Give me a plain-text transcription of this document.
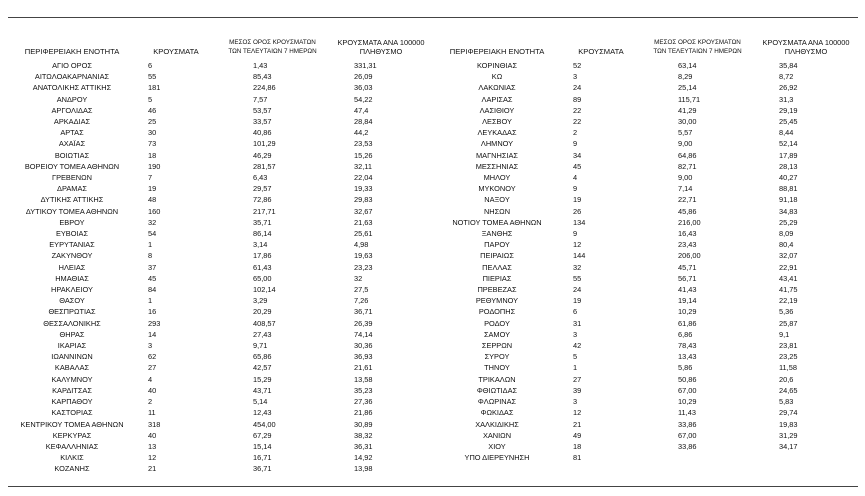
ΠΕΡΙΦΕΡΕΙΑΚΗ ΕΝΟΤΗΤΑ	ΚΡΟΥΣΜΑΤΑ
ΜΕΣΟΣ ΟΡΟΣ ΚΡΟΥΣΜΑΤΩΝ
ΤΩΝ ΤΕΛΕΥΤΑΙΩΝ 7 ΗΜΕΡΩΝ
ΚΡΟΥΣΜΑΤΑ ΑΝΑ 100000
ΠΛΗΘΥΣΜΟ
ΑΓΙΟ ΟΡΟΣ	6	1,43	331,31
ΑΙΤΩΛΟΑΚΑΡΝΑΝΙΑΣ	55	85,43	26,09
ΑΝΑΤΟΛΙΚΗΣ ΑΤΤΙΚΗΣ	181	224,86	36,03
ΑΝΔΡΟΥ	5	7,57	54,22
ΑΡΓΟΛΙΔΑΣ	46	53,57	47,4
ΑΡΚΑΔΙΑΣ	25	33,57	28,84
ΑΡΤΑΣ	30	40,86	44,2
ΑΧΑΪΑΣ	73	101,29	23,53
ΒΟΙΩΤΙΑΣ	18	46,29	15,26
ΒΟΡΕΙΟΥ ΤΟΜΕΑ ΑΘΗΝΩΝ	190	281,57	32,11
ΓΡΕΒΕΝΩΝ	7	6,43	22,04
ΔΡΑΜΑΣ	19	29,57	19,33
ΔΥΤΙΚΗΣ ΑΤΤΙΚΗΣ	48	72,86	29,83
ΔΥΤΙΚΟΥ ΤΟΜΕΑ ΑΘΗΝΩΝ	160	217,71	32,67
ΕΒΡΟΥ	32	35,71	21,63
ΕΥΒΟΙΑΣ	54	86,14	25,61
ΕΥΡΥΤΑΝΙΑΣ	1	3,14	4,98
ΖΑΚΥΝΘΟΥ	8	17,86	19,63
ΗΛΕΙΑΣ	37	61,43	23,23
ΗΜΑΘΙΑΣ	45	65,00	32
ΗΡΑΚΛΕΙΟΥ	84	102,14	27,5
ΘΑΣΟΥ	1	3,29	7,26
ΘΕΣΠΡΩΤΙΑΣ	16	20,29	36,71
ΘΕΣΣΑΛΟΝΙΚΗΣ	293	408,57	26,39
ΘΗΡΑΣ	14	27,43	74,14
ΙΚΑΡΙΑΣ	3	9,71	30,36
ΙΩΑΝΝΙΝΩΝ	62	65,86	36,93
ΚΑΒΑΛΑΣ	27	42,57	21,61
ΚΑΛΥΜΝΟΥ	4	15,29	13,58
ΚΑΡΔΙΤΣΑΣ	40	43,71	35,23
ΚΑΡΠΑΘΟΥ	2	5,14	27,36
ΚΑΣΤΟΡΙΑΣ	11	12,43	21,86
ΚΕΝΤΡΙΚΟΥ ΤΟΜΕΑ ΑΘΗΝΩΝ	318	454,00	30,89
ΚΕΡΚΥΡΑΣ	40	67,29	38,32
ΚΕΦΑΛΛΗΝΙΑΣ	13	15,14	36,31
ΚΙΛΚΙΣ	12	16,71	14,92
ΚΟΖΑΝΗΣ	21	36,71	13,98
ΠΕΡΙΦΕΡΕΙΑΚΗ ΕΝΟΤΗΤΑ	ΚΡΟΥΣΜΑΤΑ
ΜΕΣΟΣ ΟΡΟΣ ΚΡΟΥΣΜΑΤΩΝ
ΤΩΝ ΤΕΛΕΥΤΑΙΩΝ 7 ΗΜΕΡΩΝ
ΚΡΟΥΣΜΑΤΑ ΑΝΑ 100000
ΠΛΗΘΥΣΜΟ
ΚΟΡΙΝΘΙΑΣ	52	63,14	35,84
ΚΩ	3	8,29	8,72
ΛΑΚΩΝΙΑΣ	24	25,14	26,92
ΛΑΡΙΣΑΣ	89	115,71	31,3
ΛΑΣΙΘΙΟΥ	22	41,29	29,19
ΛΕΣΒΟΥ	22	30,00	25,45
ΛΕΥΚΑΔΑΣ	2	5,57	8,44
ΛΗΜΝΟΥ	9	9,00	52,14
ΜΑΓΝΗΣΙΑΣ	34	64,86	17,89
ΜΕΣΣΗΝΙΑΣ	45	82,71	28,13
ΜΗΛΟΥ	4	9,00	40,27
ΜΥΚΟΝΟΥ	9	7,14	88,81
ΝΑΞΟΥ	19	22,71	91,18
ΝΗΣΩΝ	26	45,86	34,83
ΝΟΤΙΟΥ ΤΟΜΕΑ ΑΘΗΝΩΝ	134	216,00	25,29
ΞΑΝΘΗΣ	9	16,43	8,09
ΠΑΡΟΥ	12	23,43	80,4
ΠΕΙΡΑΙΩΣ	144	206,00	32,07
ΠΕΛΛΑΣ	32	45,71	22,91
ΠΙΕΡΙΑΣ	55	56,71	43,41
ΠΡΕΒΕΖΑΣ	24	41,43	41,75
ΡΕΘΥΜΝΟΥ	19	19,14	22,19
ΡΟΔΟΠΗΣ	6	10,29	5,36
ΡΟΔΟΥ	31	61,86	25,87
ΣΑΜΟΥ	3	6,86	9,1
ΣΕΡΡΩΝ	42	78,43	23,81
ΣΥΡΟΥ	5	13,43	23,25
ΤΗΝΟΥ	1	5,86	11,58
ΤΡΙΚΑΛΩΝ	27	50,86	20,6
ΦΘΙΩΤΙΔΑΣ	39	67,00	24,65
ΦΛΩΡΙΝΑΣ	3	10,29	5,83
ΦΩΚΙΔΑΣ	12	11,43	29,74
ΧΑΛΚΙΔΙΚΗΣ	21	33,86	19,83
ΧΑΝΙΩΝ	49	67,00	31,29
ΧΙΟΥ	18	33,86	34,17
ΥΠΟ ΔΙΕΡΕΥΝΗΣΗ	81
